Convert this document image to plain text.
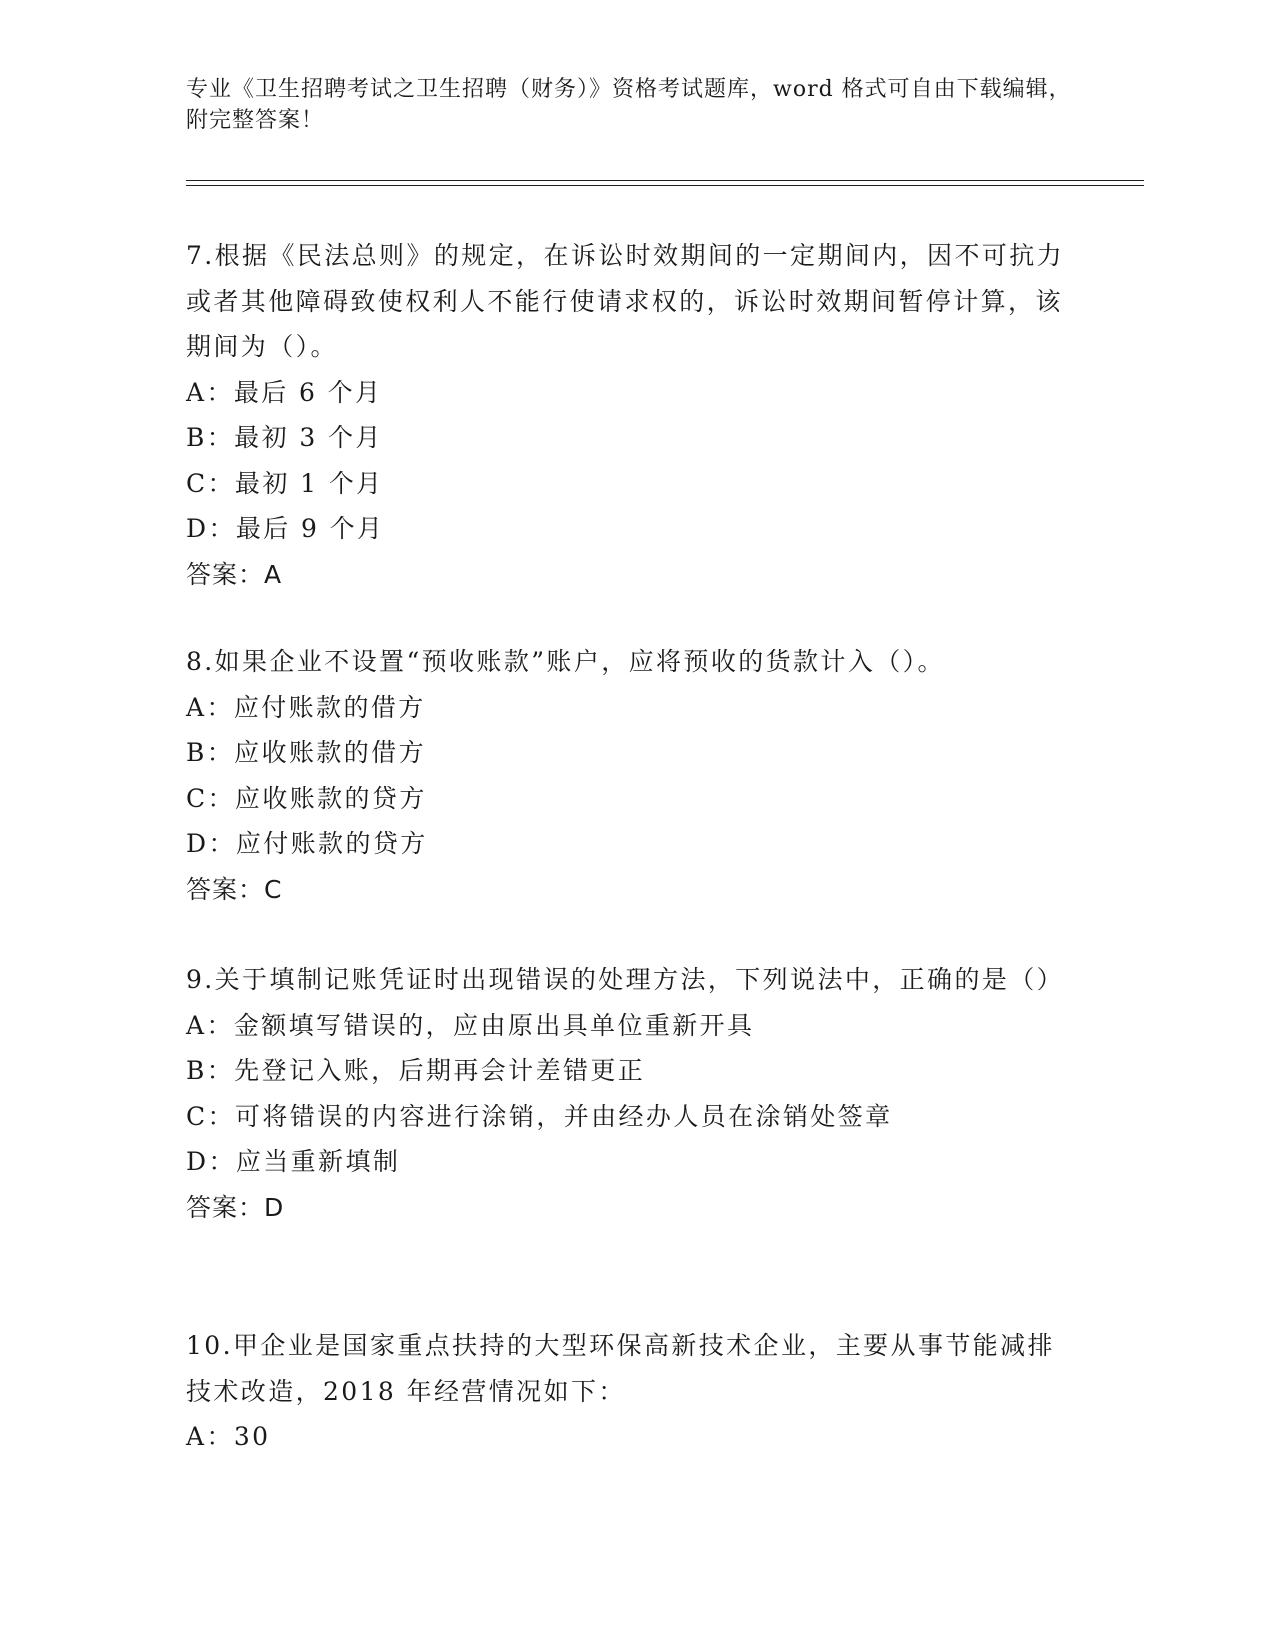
专业《卫生招聘考试之卫生招聘（财务）》资格考试题库，word 格式可自由下载编辑，附完整答案！

7.根据《民法总则》的规定，在诉讼时效期间的一定期间内，因不可抗力或者其他障碍致使权利人不能行使请求权的，诉讼时效期间暂停计算，该期间为（）。

A：最后 6 个月
B：最初 3 个月
C：最初 1 个月
D：最后 9 个月
答案：A

8.如果企业不设置“预收账款”账户，应将预收的货款计入（）。

A：应付账款的借方
B：应收账款的借方
C：应收账款的贷方
D：应付账款的贷方
答案：C

9.关于填制记账凭证时出现错误的处理方法，下列说法中，正确的是（）

A：金额填写错误的，应由原出具单位重新开具
B：先登记入账，后期再会计差错更正
C：可将错误的内容进行涂销，并由经办人员在涂销处签章
D：应当重新填制
答案：D

10.甲企业是国家重点扶持的大型环保高新技术企业，主要从事节能减排技术改造，2018 年经营情况如下：

A：30
